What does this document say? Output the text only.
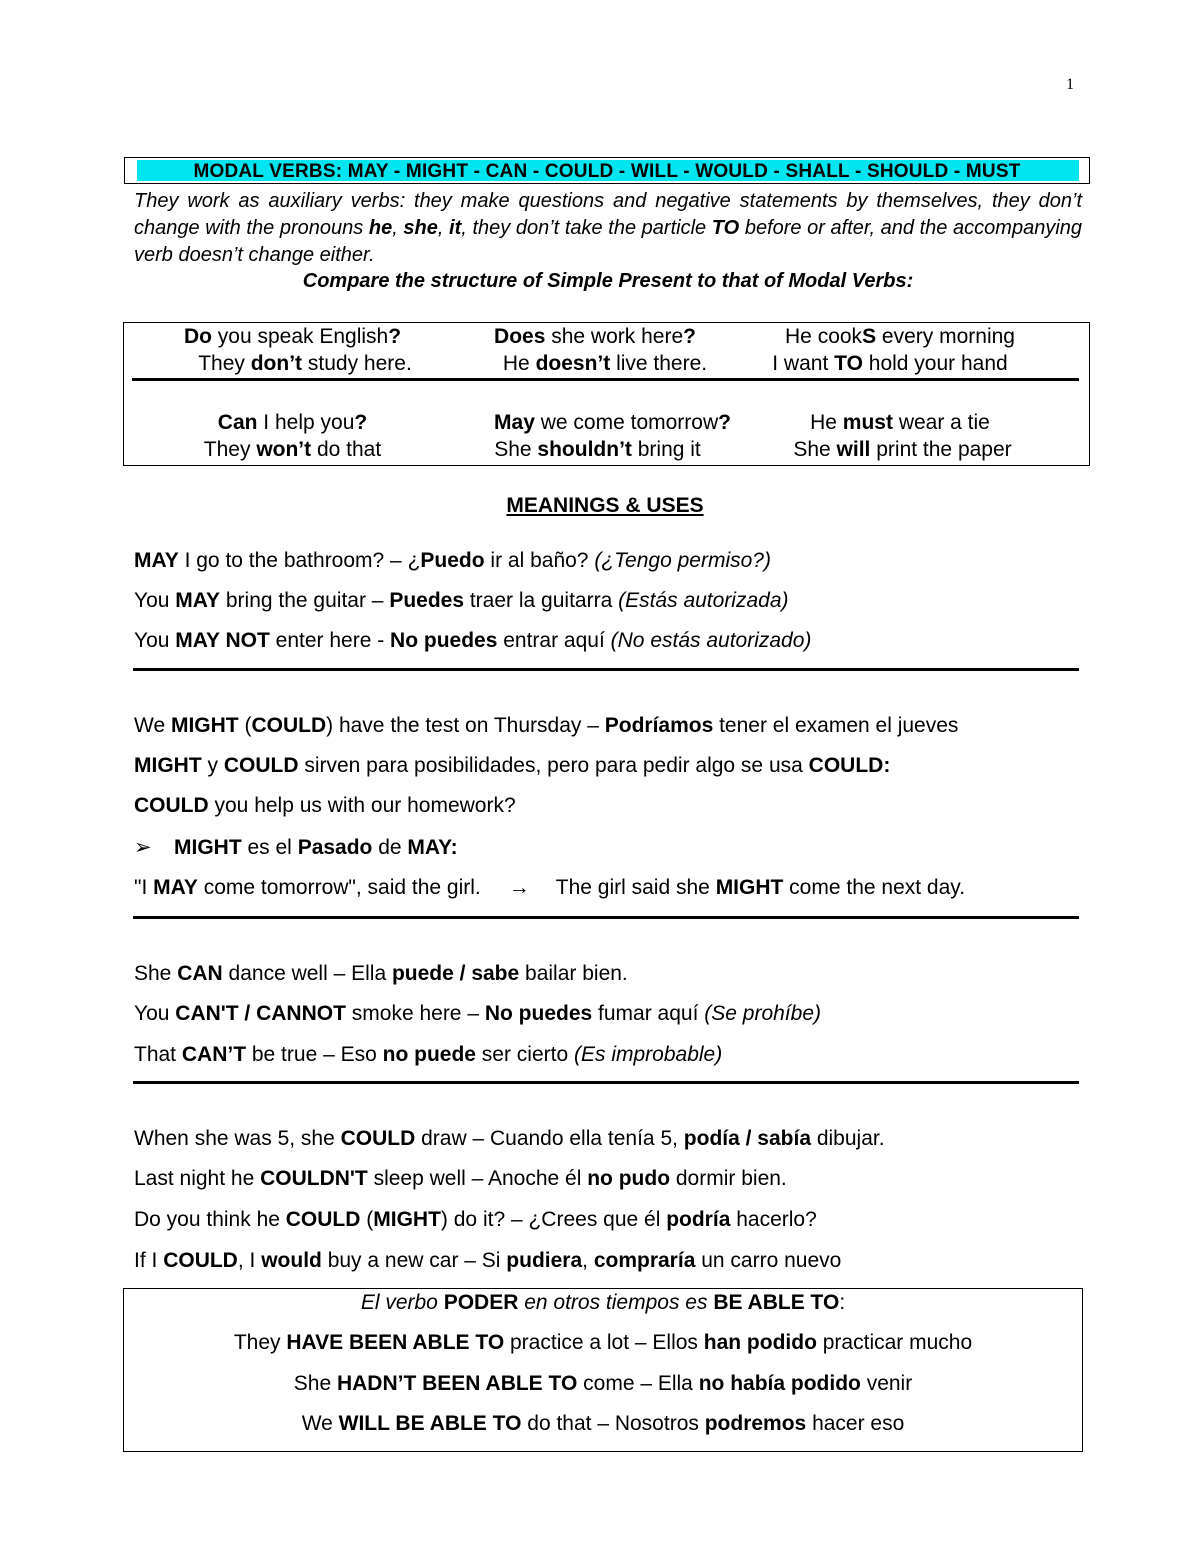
1
MODAL VERBS: MAY - MIGHT - CAN - COULD - WILL - WOULD - SHALL - SHOULD - MUST
They work as auxiliary verbs: they make questions and negative statements by themselves, they don’t change with the pronouns he, she, it, they don’t take the particle TO before or after, and the accompanying verb doesn’t change either.
Compare the structure of Simple Present to that of Modal Verbs:
Do you speak English?	Does she work here?	He cookS every morning
They don’t study here.	He doesn’t live there.	I want TO hold your hand
Can I help you?	May we come tomorrow?	He must wear a tie
They won’t do that	She shouldn’t bring it	She will print the paper
MEANINGS & USES
MAY I go to the bathroom? – ¿Puedo ir al baño? (¿Tengo permiso?)
You MAY bring the guitar – Puedes traer la guitarra (Estás autorizada)
You MAY NOT enter here - No puedes entrar aquí (No estás autorizado)
We MIGHT (COULD) have the test on Thursday – Podríamos tener el examen el jueves
MIGHT y COULD sirven para posibilidades, pero para pedir algo se usa COULD:
COULD you help us with our homework?
➢ MIGHT es el Pasado de MAY:
"I MAY come tomorrow", said the girl. → The girl said she MIGHT come the next day.
She CAN dance well – Ella puede / sabe bailar bien.
You CAN'T / CANNOT smoke here – No puedes fumar aquí (Se prohíbe)
That CAN’T be true – Eso no puede ser cierto (Es improbable)
When she was 5, she COULD draw – Cuando ella tenía 5, podía / sabía dibujar.
Last night he COULDN'T sleep well – Anoche él no pudo dormir bien.
Do you think he COULD (MIGHT) do it? – ¿Crees que él podría hacerlo?
If I COULD, I would buy a new car – Si pudiera, compraría un carro nuevo
El verbo PODER en otros tiempos es BE ABLE TO:
They HAVE BEEN ABLE TO practice a lot – Ellos han podido practicar mucho
She HADN’T BEEN ABLE TO come – Ella no había podido venir
We WILL BE ABLE TO do that – Nosotros podremos hacer eso
